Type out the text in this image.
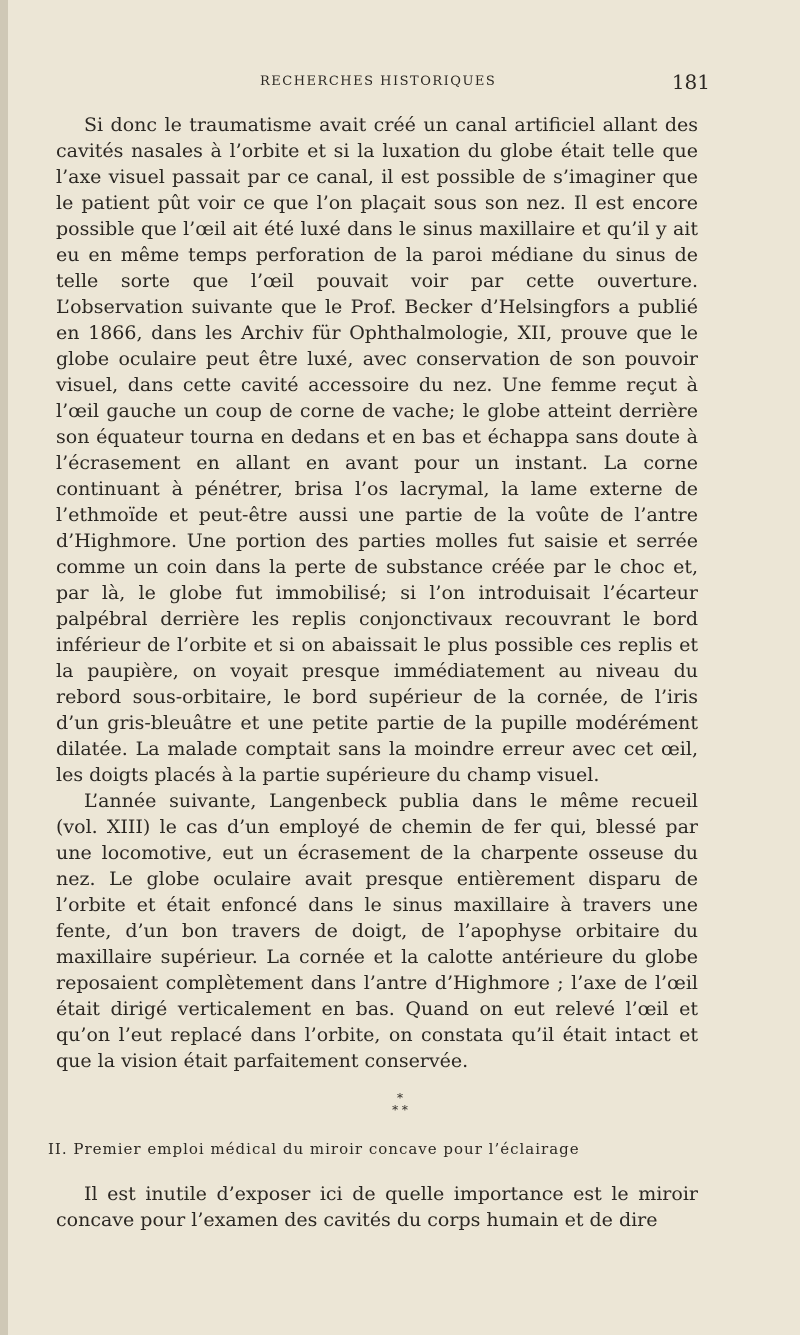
RECHERCHES HISTORIQUES	181

Si donc le traumatisme avait créé un canal artificiel allant des cavités nasales à l’orbite et si la luxation du globe était telle que l’axe visuel passait par ce canal, il est possible de s’imaginer que le patient pût voir ce que l’on plaçait sous son nez. Il est encore possible que l’œil ait été luxé dans le sinus maxillaire et qu’il y ait eu en même temps perforation de la paroi médiane du sinus de telle sorte que l’œil pouvait voir par cette ouverture. L’observation suivante que le Prof. Becker d’Helsingfors a publié en 1866, dans les Archiv für Ophthalmologie, XII, prouve que le globe oculaire peut être luxé, avec conservation de son pouvoir visuel, dans cette cavité accessoire du nez. Une femme reçut à l’œil gauche un coup de corne de vache; le globe atteint derrière son équateur tourna en dedans et en bas et échappa sans doute à l’écrasement en allant en avant pour un instant. La corne continuant à pénétrer, brisa l’os lacrymal, la lame externe de l’ethmoïde et peut-être aussi une partie de la voûte de l’antre d’Highmore. Une portion des parties molles fut saisie et serrée comme un coin dans la perte de substance créée par le choc et, par là, le globe fut immobilisé; si l’on introduisait l’écarteur palpébral derrière les replis conjonctivaux recouvrant le bord inférieur de l’orbite et si on abaissait le plus possible ces replis et la paupière, on voyait presque immédiatement au niveau du rebord sous-orbitaire, le bord supérieur de la cornée, de l’iris d’un gris-bleuâtre et une petite partie de la pupille modérément dilatée. La malade comptait sans la moindre erreur avec cet œil, les doigts placés à la partie supérieure du champ visuel.

L’année suivante, Langenbeck publia dans le même recueil (vol. XIII) le cas d’un employé de chemin de fer qui, blessé par une locomotive, eut un écrasement de la charpente osseuse du nez. Le globe oculaire avait presque entièrement disparu de l’orbite et était enfoncé dans le sinus maxillaire à travers une fente, d’un bon travers de doigt, de l’apophyse orbitaire du maxillaire supérieur. La cornée et la calotte antérieure du globe reposaient complètement dans l’antre d’Highmore ; l’axe de l’œil était dirigé verticalement en bas. Quand on eut relevé l’œil et qu’on l’eut replacé dans l’orbite, on constata qu’il était intact et que la vision était parfaitement conservée.

*
* *
II. Premier emploi médical du miroir concave pour l’éclairage

Il est inutile d’exposer ici de quelle importance est le miroir concave pour l’examen des cavités du corps humain et de dire
